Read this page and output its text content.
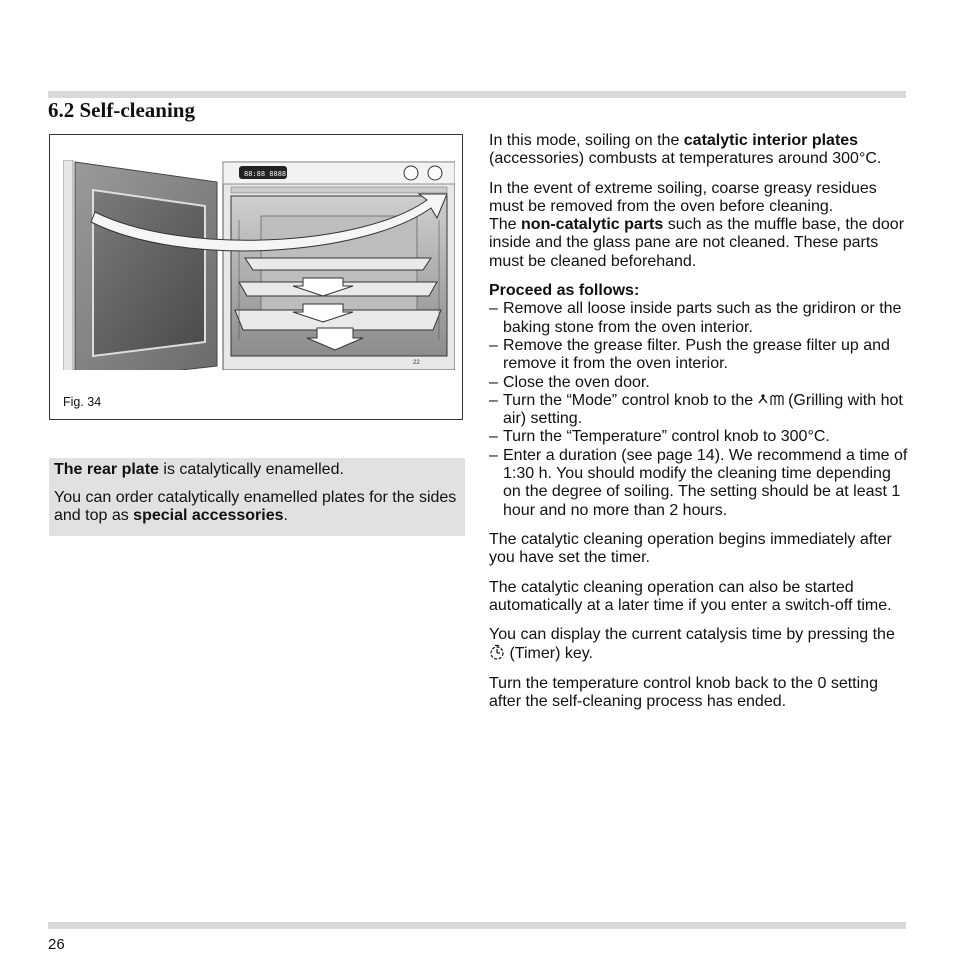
6.2 Self-cleaning
88:88 8888
22
Fig. 34

The rear plate is catalytically enamelled.

You can order catalytically enamelled plates for the sides and top as special accessories.

In this mode, soiling on the catalytic interior plates (accessories) combusts at temperatures around 300°C.

In the event of extreme soiling, coarse greasy residues must be removed from the oven before cleaning.

The non-catalytic parts such as the muffle base, the door inside and the glass pane are not cleaned. These parts must be cleaned beforehand.

Proceed as follows:

– Remove all loose inside parts such as the gridiron or the baking stone from the oven interior.
– Remove the grease filter. Push the grease filter up and remove it from the oven interior.
– Close the oven door.
– Turn the “Mode” control knob to the  (Grilling with hot air) setting.
– Turn the “Temperature” control knob to 300°C.
– Enter a duration (see page 14). We recommend a time of 1:30 h. You should modify the cleaning time depending on the degree of soiling. The setting should be at least 1 hour and no more than 2 hours.

The catalytic cleaning operation begins immediately after you have set the timer.

The catalytic cleaning operation can also be started automatically at a later time if you enter a switch-off time.

You can display the current catalysis time by pressing the  (Timer) key.

Turn the temperature control knob back to the 0 setting after the self-cleaning process has ended.

26
